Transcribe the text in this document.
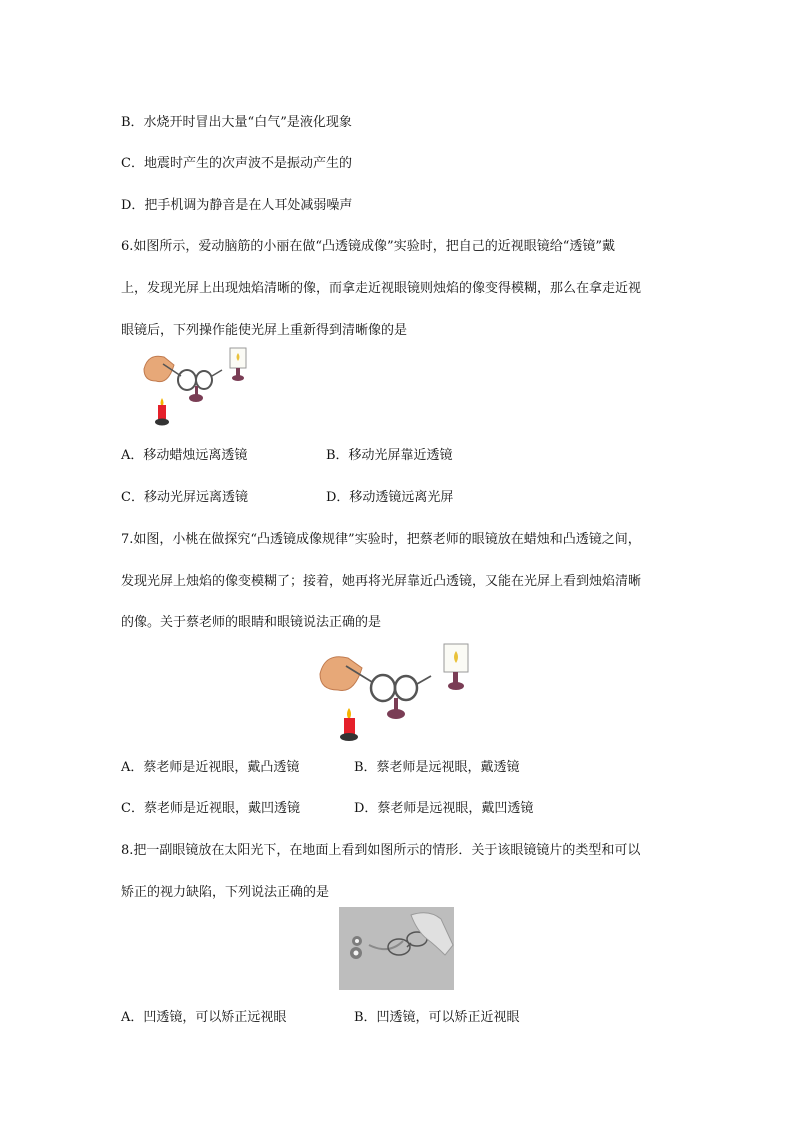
B．水烧开时冒出大量“白气”是液化现象
C．地震时产生的次声波不是振动产生的
D．把手机调为静音是在人耳处减弱噪声
6.如图所示，爱动脑筋的小丽在做“凸透镜成像”实验时，把自己的近视眼镜给“透镜”戴
上，发现光屏上出现烛焰清晰的像，而拿走近视眼镜则烛焰的像变得模糊，那么在拿走近视
眼镜后，下列操作能使光屏上重新得到清晰像的是
A．移动蜡烛远离透镜	B．移动光屏靠近透镜
C．移动光屏远离透镜	D．移动透镜远离光屏
7.如图，小桃在做探究“凸透镜成像规律”实验时，把蔡老师的眼镜放在蜡烛和凸透镜之间，
发现光屏上烛焰的像变模糊了；接着，她再将光屏靠近凸透镜，又能在光屏上看到烛焰清晰
的像。关于蔡老师的眼睛和眼镜说法正确的是
A．蔡老师是近视眼，戴凸透镜	B．蔡老师是远视眼，戴透镜
C．蔡老师是近视眼，戴凹透镜	D．蔡老师是远视眼，戴凹透镜
8.把一副眼镜放在太阳光下，在地面上看到如图所示的情形．关于该眼镜镜片的类型和可以
矫正的视力缺陷，下列说法正确的是
A．凹透镜，可以矫正远视眼	B．凹透镜，可以矫正近视眼
